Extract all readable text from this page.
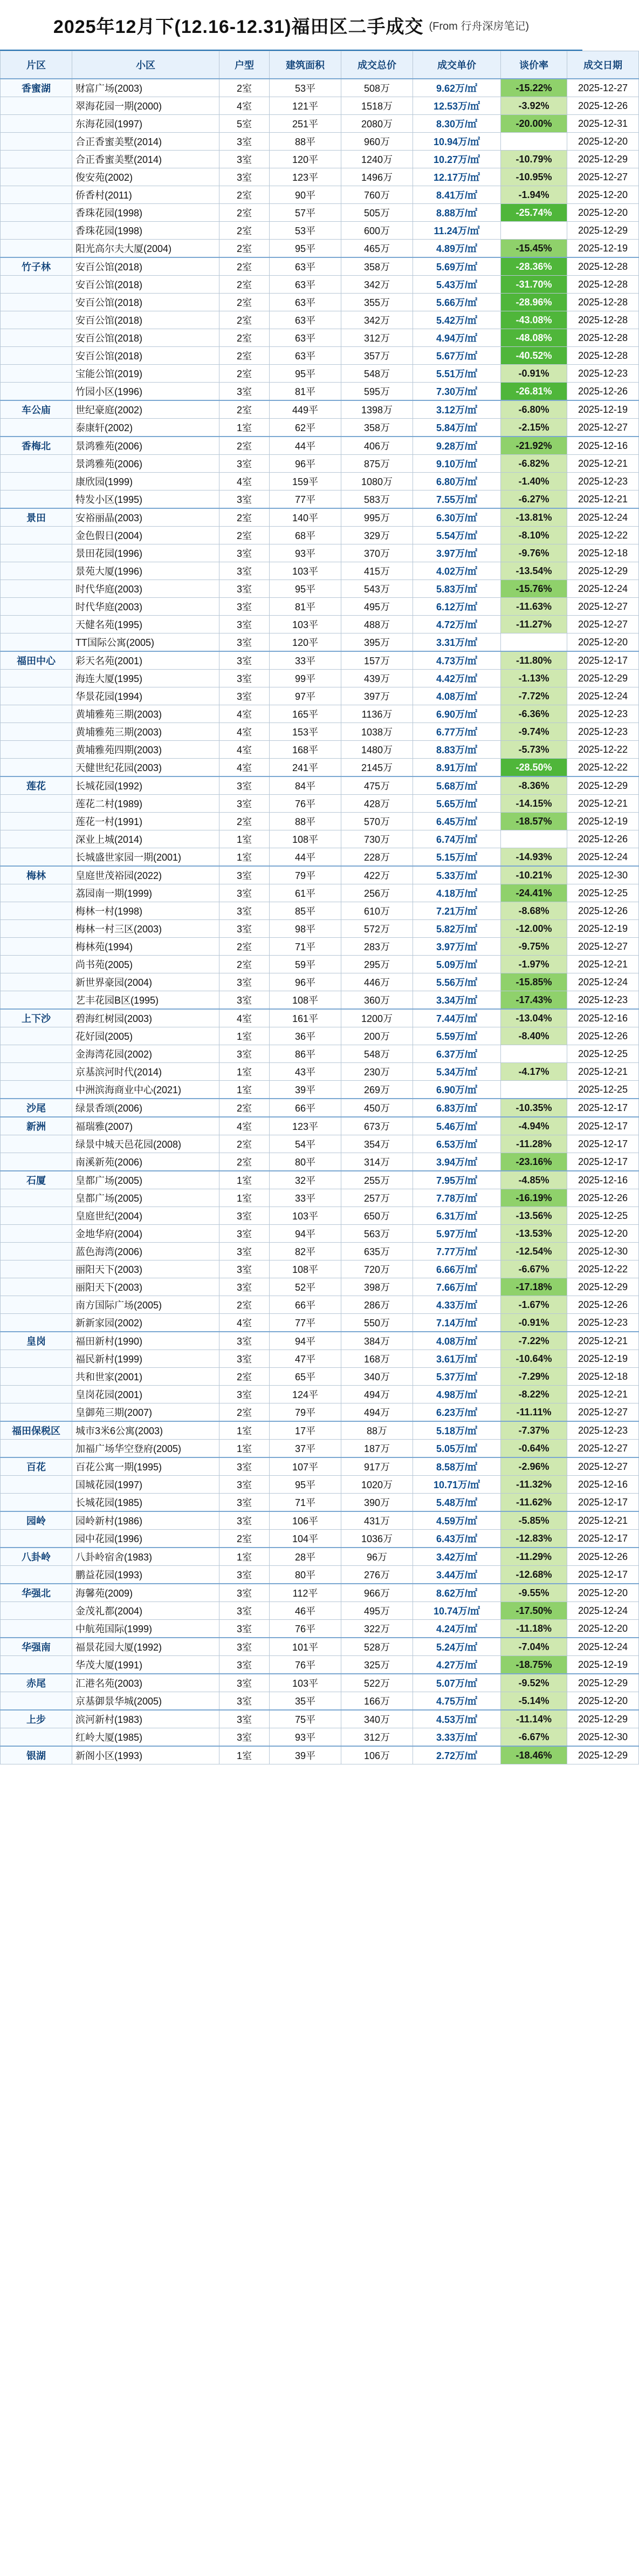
2025年12月下(12.16-12.31)福田区二手成交 (From 行舟深房笔记)
片区	小区	户型	建筑面积	成交总价	成交单价	谈价率	成交日期
香蜜湖	财富广场(2003)	2室	53平	508万	9.62万/㎡	-15.22%	2025-12-27
	翠海花园一期(2000)	4室	121平	1518万	12.53万/㎡	-3.92%	2025-12-26
	东海花园(1997)	5室	251平	2080万	8.30万/㎡	-20.00%	2025-12-31
	合正香蜜美墅(2014)	3室	88平	960万	10.94万/㎡		2025-12-20
	合正香蜜美墅(2014)	3室	120平	1240万	10.27万/㎡	-10.79%	2025-12-29
	俊安苑(2002)	3室	123平	1496万	12.17万/㎡	-10.95%	2025-12-27
	侨香村(2011)	2室	90平	760万	8.41万/㎡	-1.94%	2025-12-20
	香珠花园(1998)	2室	57平	505万	8.88万/㎡	-25.74%	2025-12-20
	香珠花园(1998)	2室	53平	600万	11.24万/㎡		2025-12-29
	阳光高尔夫大厦(2004)	2室	95平	465万	4.89万/㎡	-15.45%	2025-12-19
竹子林	安百公馆(2018)	2室	63平	358万	5.69万/㎡	-28.36%	2025-12-28
	安百公馆(2018)	2室	63平	342万	5.43万/㎡	-31.70%	2025-12-28
	安百公馆(2018)	2室	63平	355万	5.66万/㎡	-28.96%	2025-12-28
	安百公馆(2018)	2室	63平	342万	5.42万/㎡	-43.08%	2025-12-28
	安百公馆(2018)	2室	63平	312万	4.94万/㎡	-48.08%	2025-12-28
	安百公馆(2018)	2室	63平	357万	5.67万/㎡	-40.52%	2025-12-28
	宝能公馆(2019)	2室	95平	548万	5.51万/㎡	-0.91%	2025-12-23
	竹园小区(1996)	3室	81平	595万	7.30万/㎡	-26.81%	2025-12-26
车公庙	世纪豪庭(2002)	2室	449平	1398万	3.12万/㎡	-6.80%	2025-12-19
	泰康轩(2002)	1室	62平	358万	5.84万/㎡	-2.15%	2025-12-27
香梅北	景鸿雅苑(2006)	2室	44平	406万	9.28万/㎡	-21.92%	2025-12-16
	景鸿雅苑(2006)	3室	96平	875万	9.10万/㎡	-6.82%	2025-12-21
	康欣园(1999)	4室	159平	1080万	6.80万/㎡	-1.40%	2025-12-23
	特发小区(1995)	3室	77平	583万	7.55万/㎡	-6.27%	2025-12-21
景田	安裕丽晶(2003)	2室	140平	995万	6.30万/㎡	-13.81%	2025-12-24
	金色假日(2004)	2室	68平	329万	5.54万/㎡	-8.10%	2025-12-22
	景田花园(1996)	3室	93平	370万	3.97万/㎡	-9.76%	2025-12-18
	景苑大厦(1996)	3室	103平	415万	4.02万/㎡	-13.54%	2025-12-29
	时代华庭(2003)	3室	95平	543万	5.83万/㎡	-15.76%	2025-12-24
	时代华庭(2003)	3室	81平	495万	6.12万/㎡	-11.63%	2025-12-27
	天健名苑(1995)	3室	103平	488万	4.72万/㎡	-11.27%	2025-12-27
	TT国际公寓(2005)	3室	120平	395万	3.31万/㎡		2025-12-20
福田中心	彩天名苑(2001)	3室	33平	157万	4.73万/㎡	-11.80%	2025-12-17
	海连大厦(1995)	3室	99平	439万	4.42万/㎡	-1.13%	2025-12-29
	华景花园(1994)	3室	97平	397万	4.08万/㎡	-7.72%	2025-12-24
	黄埔雅苑三期(2003)	4室	165平	1136万	6.90万/㎡	-6.36%	2025-12-23
	黄埔雅苑三期(2003)	4室	153平	1038万	6.77万/㎡	-9.74%	2025-12-23
	黄埔雅苑四期(2003)	4室	168平	1480万	8.83万/㎡	-5.73%	2025-12-22
	天健世纪花园(2003)	4室	241平	2145万	8.91万/㎡	-28.50%	2025-12-22
莲花	长城花园(1992)	3室	84平	475万	5.68万/㎡	-8.36%	2025-12-29
	莲花二村(1989)	3室	76平	428万	5.65万/㎡	-14.15%	2025-12-21
	莲花一村(1991)	2室	88平	570万	6.45万/㎡	-18.57%	2025-12-19
	深业上城(2014)	1室	108平	730万	6.74万/㎡		2025-12-26
	长城盛世家园一期(2001)	1室	44平	228万	5.15万/㎡	-14.93%	2025-12-24
梅林	皇庭世茂裕园(2022)	3室	79平	422万	5.33万/㎡	-10.21%	2025-12-30
	荔园南一期(1999)	3室	61平	256万	4.18万/㎡	-24.41%	2025-12-25
	梅林一村(1998)	3室	85平	610万	7.21万/㎡	-8.68%	2025-12-26
	梅林一村三区(2003)	3室	98平	572万	5.82万/㎡	-12.00%	2025-12-19
	梅林苑(1994)	2室	71平	283万	3.97万/㎡	-9.75%	2025-12-27
	尚书苑(2005)	2室	59平	295万	5.09万/㎡	-1.97%	2025-12-21
	新世界豪园(2004)	3室	96平	446万	5.56万/㎡	-15.85%	2025-12-24
	艺丰花园B区(1995)	3室	108平	360万	3.34万/㎡	-17.43%	2025-12-23
上下沙	碧海红树园(2003)	4室	161平	1200万	7.44万/㎡	-13.04%	2025-12-16
	花好园(2005)	1室	36平	200万	5.59万/㎡	-8.40%	2025-12-26
	金海湾花园(2002)	3室	86平	548万	6.37万/㎡		2025-12-25
	京基滨河时代(2014)	1室	43平	230万	5.34万/㎡	-4.17%	2025-12-21
	中洲滨海商业中心(2021)	1室	39平	269万	6.90万/㎡		2025-12-25
沙尾	绿景香颂(2006)	2室	66平	450万	6.83万/㎡	-10.35%	2025-12-17
新洲	福瑞雅(2007)	4室	123平	673万	5.46万/㎡	-4.94%	2025-12-17
	绿景中城天邑花园(2008)	2室	54平	354万	6.53万/㎡	-11.28%	2025-12-17
	南溪新苑(2006)	2室	80平	314万	3.94万/㎡	-23.16%	2025-12-17
石厦	皇都广场(2005)	1室	32平	255万	7.95万/㎡	-4.85%	2025-12-16
	皇都广场(2005)	1室	33平	257万	7.78万/㎡	-16.19%	2025-12-26
	皇庭世纪(2004)	3室	103平	650万	6.31万/㎡	-13.56%	2025-12-25
	金地华府(2004)	3室	94平	563万	5.97万/㎡	-13.53%	2025-12-20
	蓝色海湾(2006)	3室	82平	635万	7.77万/㎡	-12.54%	2025-12-30
	丽阳天下(2003)	3室	108平	720万	6.66万/㎡	-6.67%	2025-12-22
	丽阳天下(2003)	3室	52平	398万	7.66万/㎡	-17.18%	2025-12-29
	南方国际广场(2005)	2室	66平	286万	4.33万/㎡	-1.67%	2025-12-26
	新新家园(2002)	4室	77平	550万	7.14万/㎡	-0.91%	2025-12-23
皇岗	福田新村(1990)	3室	94平	384万	4.08万/㎡	-7.22%	2025-12-21
	福民新村(1999)	3室	47平	168万	3.61万/㎡	-10.64%	2025-12-19
	共和世家(2001)	2室	65平	340万	5.37万/㎡	-7.29%	2025-12-18
	皇岗花园(2001)	3室	124平	494万	4.98万/㎡	-8.22%	2025-12-21
	皇御苑三期(2007)	2室	79平	494万	6.23万/㎡	-11.11%	2025-12-27
福田保税区	城市3米6公寓(2003)	1室	17平	88万	5.18万/㎡	-7.37%	2025-12-23
	加福广场华空登府(2005)	1室	37平	187万	5.05万/㎡	-0.64%	2025-12-27
百花	百花公寓一期(1995)	3室	107平	917万	8.58万/㎡	-2.96%	2025-12-27
	国城花园(1997)	3室	95平	1020万	10.71万/㎡	-11.32%	2025-12-16
	长城花园(1985)	3室	71平	390万	5.48万/㎡	-11.62%	2025-12-17
园岭	园岭新村(1986)	3室	106平	431万	4.59万/㎡	-5.85%	2025-12-21
	园中花园(1996)	2室	104平	1036万	6.43万/㎡	-12.83%	2025-12-17
八卦岭	八卦岭宿舍(1983)	1室	28平	96万	3.42万/㎡	-11.29%	2025-12-26
	鹏益花园(1993)	3室	80平	276万	3.44万/㎡	-12.68%	2025-12-17
华强北	海馨苑(2009)	3室	112平	966万	8.62万/㎡	-9.55%	2025-12-20
	金茂礼都(2004)	3室	46平	495万	10.74万/㎡	-17.50%	2025-12-24
	中航苑国际(1999)	3室	76平	322万	4.24万/㎡	-11.18%	2025-12-20
华强南	福景花园大厦(1992)	3室	101平	528万	5.24万/㎡	-7.04%	2025-12-24
	华茂大厦(1991)	3室	76平	325万	4.27万/㎡	-18.75%	2025-12-19
赤尾	汇港名苑(2003)	3室	103平	522万	5.07万/㎡	-9.52%	2025-12-29
	京基御景华城(2005)	3室	35平	166万	4.75万/㎡	-5.14%	2025-12-20
上步	滨河新村(1983)	3室	75平	340万	4.53万/㎡	-11.14%	2025-12-29
	红岭大厦(1985)	3室	93平	312万	3.33万/㎡	-6.67%	2025-12-30
银湖	新阁小区(1993)	1室	39平	106万	2.72万/㎡	-18.46%	2025-12-29
